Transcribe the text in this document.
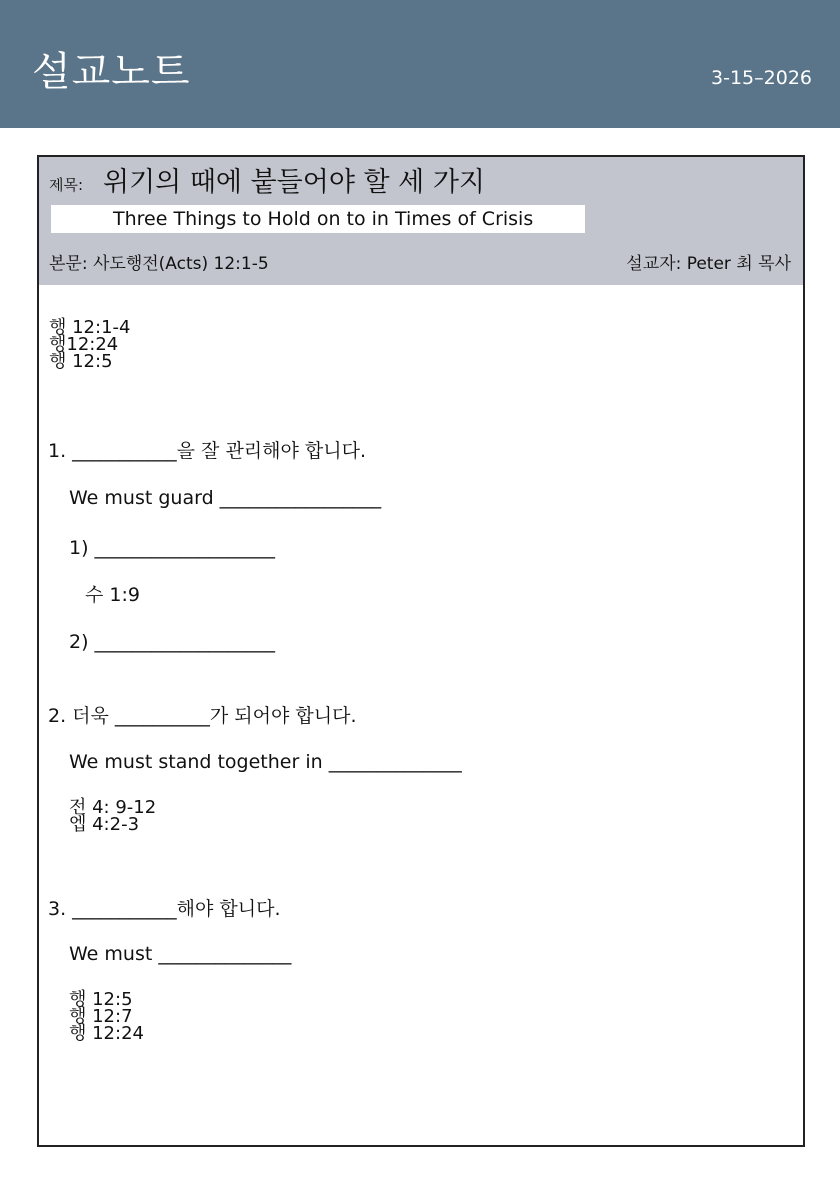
설교노트	3-15–2026
제목: 위기의 때에 붙들어야 할 세 가지
Three Things to Hold on to in Times of Crisis
본문: 사도행전(Acts) 12:1-5	설교자: Peter 최 목사
행 12:1-4
행12:24
행 12:5
1. ___________을 잘 관리해야 합니다.
We must guard _________________
1) ___________________
수 1:9
2) ___________________
2. 더욱 __________가 되어야 합니다.
We must stand together in ______________
전 4: 9-12
엡 4:2-3
3. ___________해야 합니다.
We must ______________
행 12:5
행 12:7
행 12:24
